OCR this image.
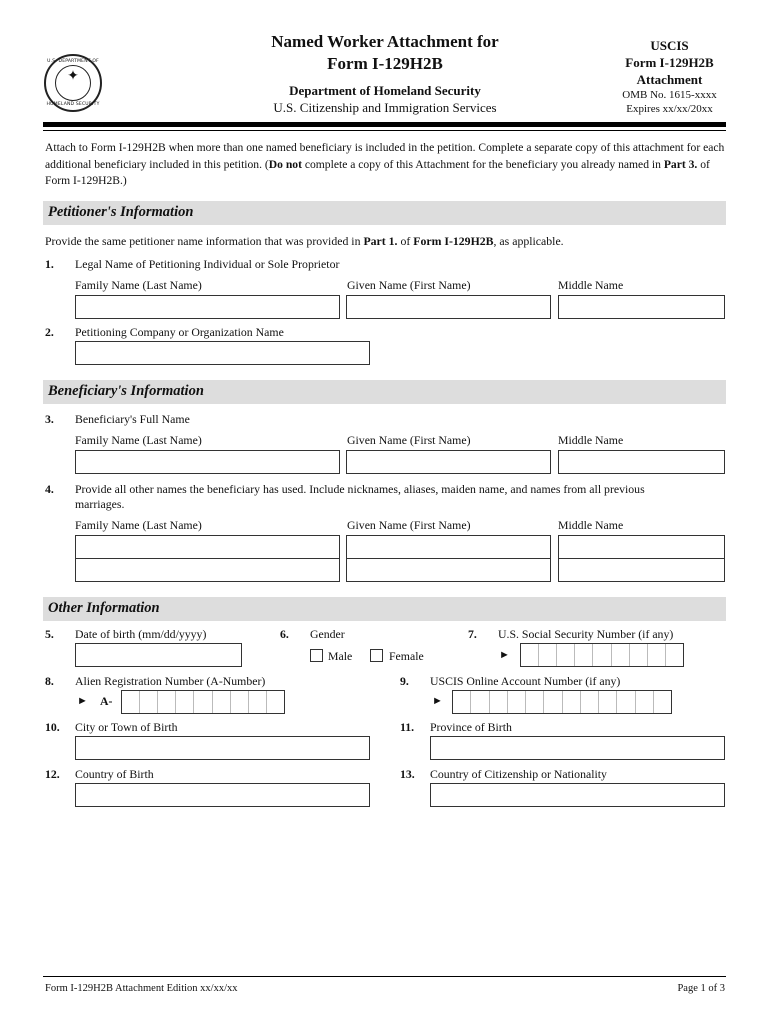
U.S. DEPARTMENT OF
✦
HOMELAND SECURITY
Named Worker Attachment for
Form I-129H2B
Department of Homeland Security
U.S. Citizenship and Immigration Services
USCIS
Form I-129H2B
Attachment
OMB No. 1615-xxxx
Expires xx/xx/20xx
Attach to Form I-129H2B when more than one named beneficiary is included in the petition. Complete a separate copy of this attachment for each additional beneficiary included in this petition. (Do not complete a copy of this Attachment for the beneficiary you already named in Part 3. of Form I-129H2B.)
Petitioner's Information
Provide the same petitioner name information that was provided in Part 1. of Form I-129H2B, as applicable.
1. Legal Name of Petitioning Individual or Sole Proprietor
Family Name (Last Name)	Given Name (First Name)	Middle Name
2. Petitioning Company or Organization Name
Beneficiary's Information
3. Beneficiary's Full Name
Family Name (Last Name)	Given Name (First Name)	Middle Name
4. Provide all other names the beneficiary has used. Include nicknames, aliases, maiden name, and names from all previous
marriages.
Family Name (Last Name)	Given Name (First Name)	Middle Name
Other Information
5. Date of birth (mm/dd/yyyy)	6. Gender
Male	Female
7. U.S. Social Security Number (if any)
►
8. Alien Registration Number (A-Number)
► A-
9. USCIS Online Account Number (if any)
►
10. City or Town of Birth	11. Province of Birth
12. Country of Birth	13. Country of Citizenship or Nationality
Form I-129H2B Attachment Edition xx/xx/xx	Page 1 of 3
